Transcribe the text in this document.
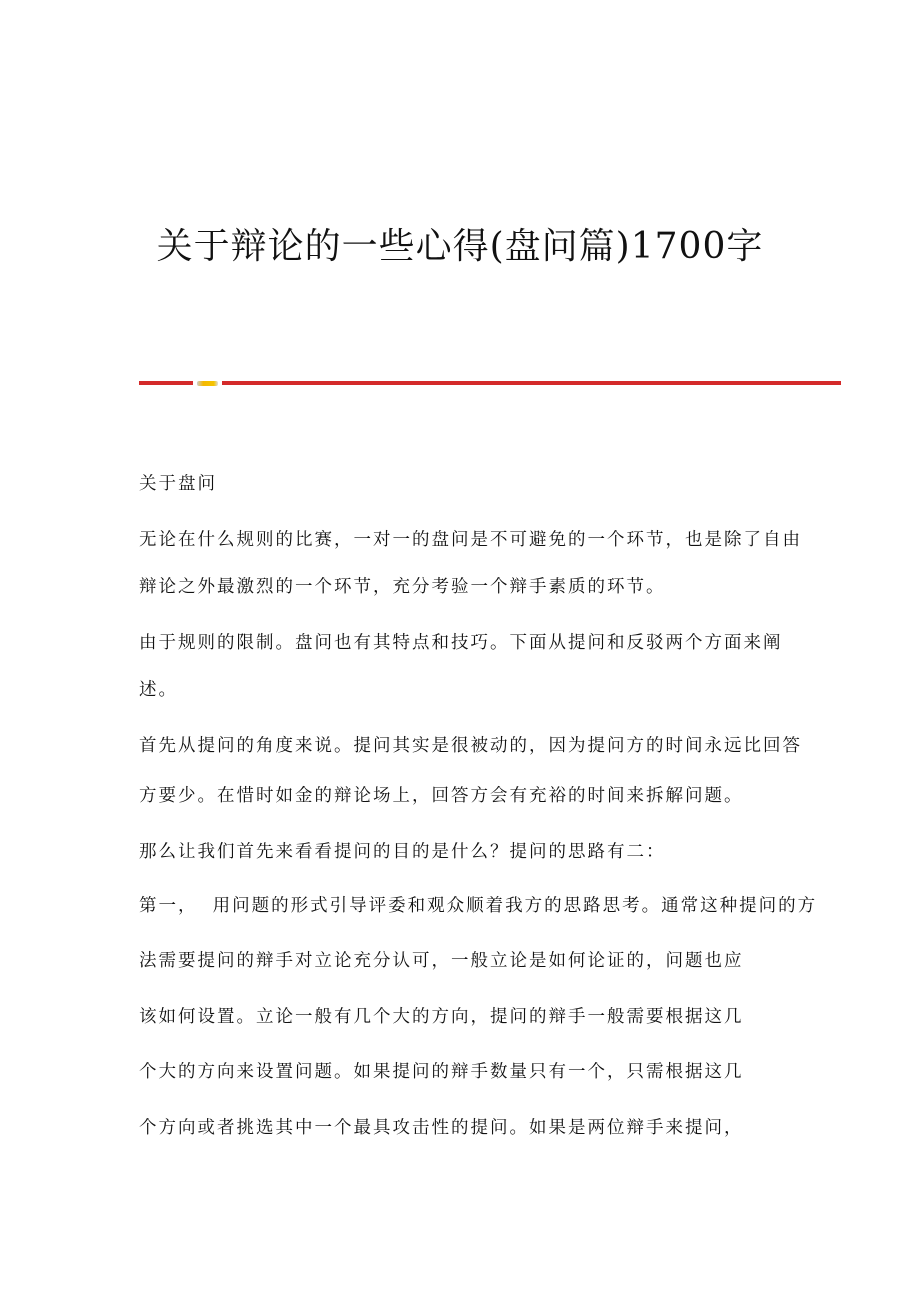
关于辩论的一些心得(盘问篇)1700字
关于盘问
无论在什么规则的比赛，一对一的盘问是不可避免的一个环节，也是除了自由
辩论之外最激烈的一个环节，充分考验一个辩手素质的环节。
由于规则的限制。盘问也有其特点和技巧。下面从提问和反驳两个方面来阐
述。
首先从提问的角度来说。提问其实是很被动的，因为提问方的时间永远比回答
方要少。在惜时如金的辩论场上，回答方会有充裕的时间来拆解问题。
那么让我们首先来看看提问的目的是什么？提问的思路有二：
第一，  用问题的形式引导评委和观众顺着我方的思路思考。通常这种提问的方
法需要提问的辩手对立论充分认可，一般立论是如何论证的，问题也应
该如何设置。立论一般有几个大的方向，提问的辩手一般需要根据这几
个大的方向来设置问题。如果提问的辩手数量只有一个，只需根据这几
个方向或者挑选其中一个最具攻击性的提问。如果是两位辩手来提问，
